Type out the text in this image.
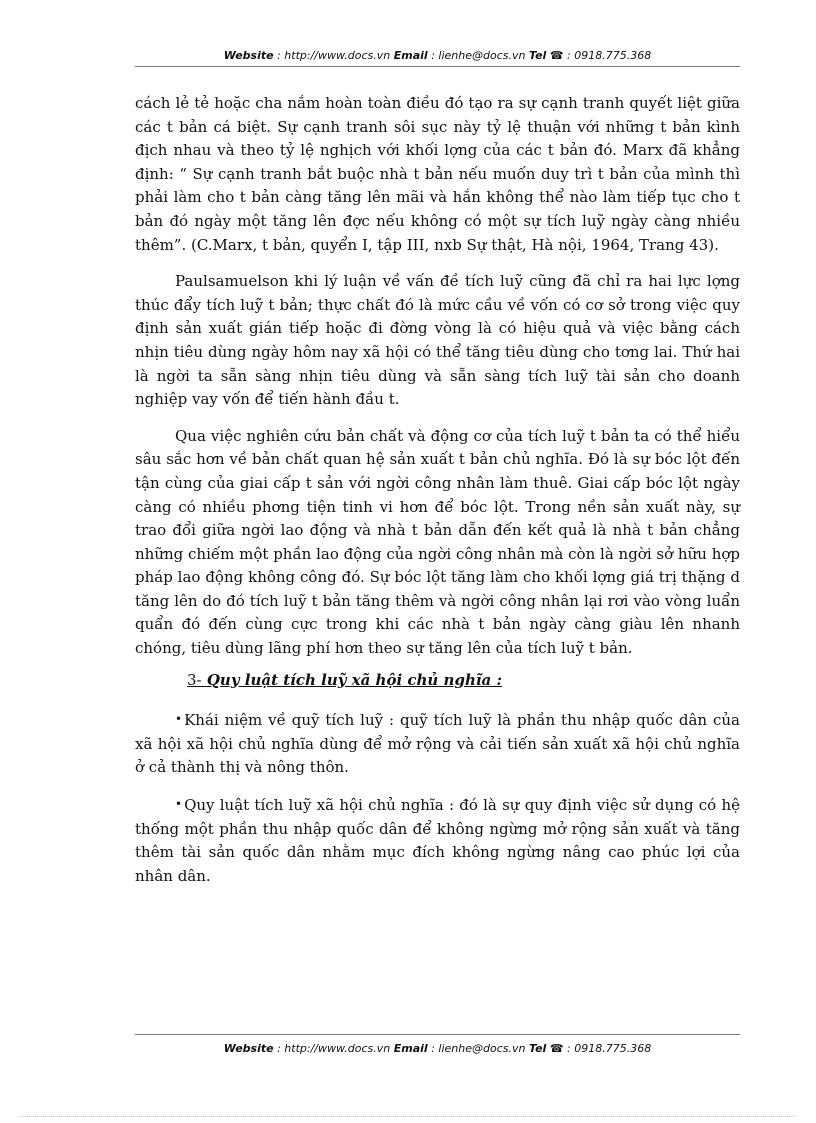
Website : http://www.docs.vn Email : lienhe@docs.vn Tel ☎ : 0918.775.368

cách lẻ tẻ hoặc cha nắm hoàn toàn điều đó tạo ra sự cạnh tranh quyết liệt giữa các t bản cá biệt. Sự cạnh tranh sôi sục này tỷ lệ thuận với những t bản kình địch nhau và theo tỷ lệ nghịch với khối lợng của các t bản đó. Marx đã khẳng định: “ Sự cạnh tranh bắt buộc nhà t bản nếu muốn duy trì t bản của mình thì phải làm cho t bản càng tăng lên mãi và hắn không thể nào làm tiếp tục cho t bản đó ngày một tăng lên đợc nếu không có một sự tích luỹ ngày càng nhiều thêm”. (C.Marx, t bản, quyển I, tập III, nxb Sự thật, Hà nội, 1964, Trang 43).

Paulsamuelson khi lý luận về vấn đề tích luỹ cũng đã chỉ ra hai lực lợng thúc đẩy tích luỹ t bản; thực chất đó là mức cầu về vốn có cơ sở trong việc quy định sản xuất gián tiếp hoặc đi đờng vòng là có hiệu quả và việc bằng cách nhịn tiêu dùng ngày hôm nay xã hội có thể tăng tiêu dùng cho tơng lai. Thứ hai là ngời ta sẵn sàng nhịn tiêu dùng và sẵn sàng tích luỹ tài sản cho doanh nghiệp vay vốn để tiến hành đầu t.

Qua việc nghiên cứu bản chất và động cơ của tích luỹ t bản ta có thể hiểu sâu sắc hơn về bản chất quan hệ sản xuất t bản chủ nghĩa. Đó là sự bóc lột đến tận cùng của giai cấp t sản với ngời công nhân làm thuê. Giai cấp bóc lột ngày càng có nhiều phơng tiện tinh vi hơn để bóc lột. Trong nền sản xuất này, sự trao đổi giữa ngời lao động và nhà t bản dẫn đến kết quả là nhà t bản chẳng những chiếm một phần lao động của ngời công nhân mà còn là ngời sở hữu hợp pháp lao động không công đó. Sự bóc lột tăng làm cho khối lợng giá trị thặng d tăng lên do đó tích luỹ t bản tăng thêm và ngời công nhân lại rơi vào vòng luẩn quẩn đó đến cùng cực trong khi các nhà t bản ngày càng giàu lên nhanh chóng, tiêu dùng lãng phí hơn theo sự tăng lên của tích luỹ t bản.

3- Quy luật tích luỹ xã hội chủ nghĩa :

• Khái niệm về quỹ tích luỹ : quỹ tích luỹ là phần thu nhập quốc dân của xã hội xã hội chủ nghĩa dùng để mở rộng và cải tiến sản xuất xã hội chủ nghĩa ở cả thành thị và nông thôn.

• Quy luật tích luỹ xã hội chủ nghĩa : đó là sự quy định việc sử dụng có hệ thống một phần thu nhập quốc dân để không ngừng mở rộng sản xuất và tăng thêm tài sản quốc dân nhằm mục đích không ngừng nâng cao phúc lợi của nhân dân.

Website : http://www.docs.vn Email : lienhe@docs.vn Tel ☎ : 0918.775.368
